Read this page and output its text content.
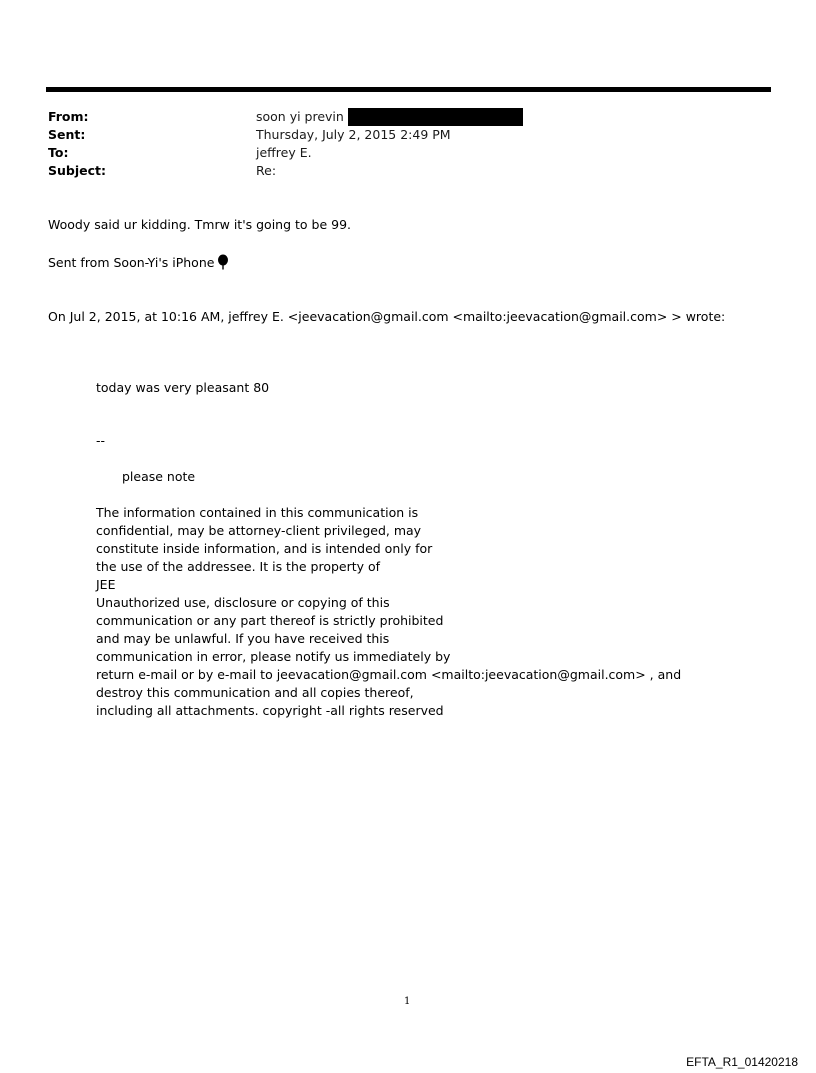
From:	soon yi previn
Sent:	Thursday, July 2, 2015 2:49 PM
To:	jeffrey E.
Subject:	Re:
Woody said ur kidding. Tmrw it's going to be 99.
Sent from Soon-Yi's iPhone
On Jul 2, 2015, at 10:16 AM, jeffrey E. <jeevacation@gmail.com <mailto:jeevacation@gmail.com> > wrote:
today was very pleasant 80
--
please note
The information contained in this communication is
confidential, may be attorney-client privileged, may
constitute inside information, and is intended only for
the use of the addressee. It is the property of
JEE
Unauthorized use, disclosure or copying of this
communication or any part thereof is strictly prohibited
and may be unlawful. If you have received this
communication in error, please notify us immediately by
return e-mail or by e-mail to jeevacation@gmail.com <mailto:jeevacation@gmail.com> , and
destroy this communication and all copies thereof,
including all attachments. copyright -all rights reserved
1
EFTA_R1_01420218
